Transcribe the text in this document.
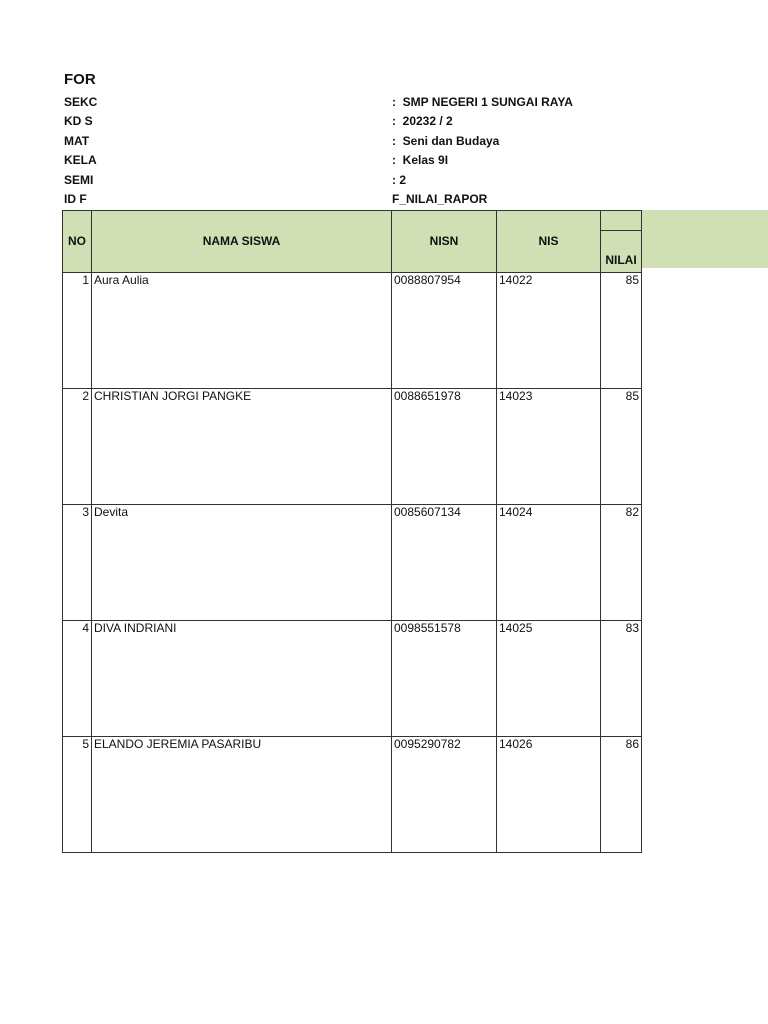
FOR
SEKC	:  SMP NEGERI 1 SUNGAI RAYA
KD S	:  20232 / 2
MAT	:  Seni dan Budaya
KELA	:  Kelas 9I
SEMI	: 2
ID F	F_NILAI_RAPOR
NO	NAMA SISWA	NISN	NIS	
				NILAI
1	Aura Aulia	0088807954	14022	85
2	CHRISTIAN JORGI PANGKE	0088651978	14023	85
3	Devita	0085607134	14024	82
4	DIVA INDRIANI	0098551578	14025	83
5	ELANDO JEREMIA PASARIBU	0095290782	14026	86
